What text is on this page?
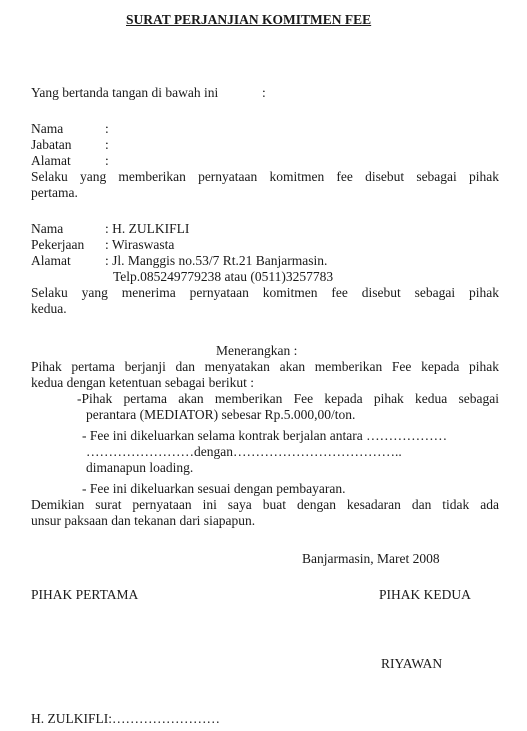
SURAT PERJANJIAN KOMITMEN FEE
Yang bertanda tangan di bawah ini	:
Nama	:
Jabatan :
Alamat	:
Selaku yang memberikan pernyataan komitmen fee disebut sebagai pihak
pertama.
Nama	: H. ZULKIFLI
Pekerjaan : Wiraswasta
Alamat	: Jl. Manggis no.53/7 Rt.21 Banjarmasin.
Telp.085249779238 atau (0511)3257783
Selaku yang menerima pernyataan komitmen fee disebut sebagai pihak
kedua.
Menerangkan :
Pihak pertama berjanji dan menyatakan akan memberikan Fee kepada pihak
kedua dengan ketentuan sebagai berikut :
-Pihak pertama akan memberikan Fee kepada pihak kedua sebagai
perantara (MEDIATOR) sebesar Rp.5.000,00/ton.
- Fee ini dikeluarkan selama kontrak berjalan antara ………………
……………………dengan………………………………..
dimanapun loading.
- Fee ini dikeluarkan sesuai dengan pembayaran.
Demikian surat pernyataan ini saya buat dengan kesadaran dan tidak ada
unsur paksaan dan tekanan dari siapapun.
Banjarmasin, Maret 2008
PIHAK PERTAMA	PIHAK KEDUA
RIYAWAN
H. ZULKIFLI:……………………
